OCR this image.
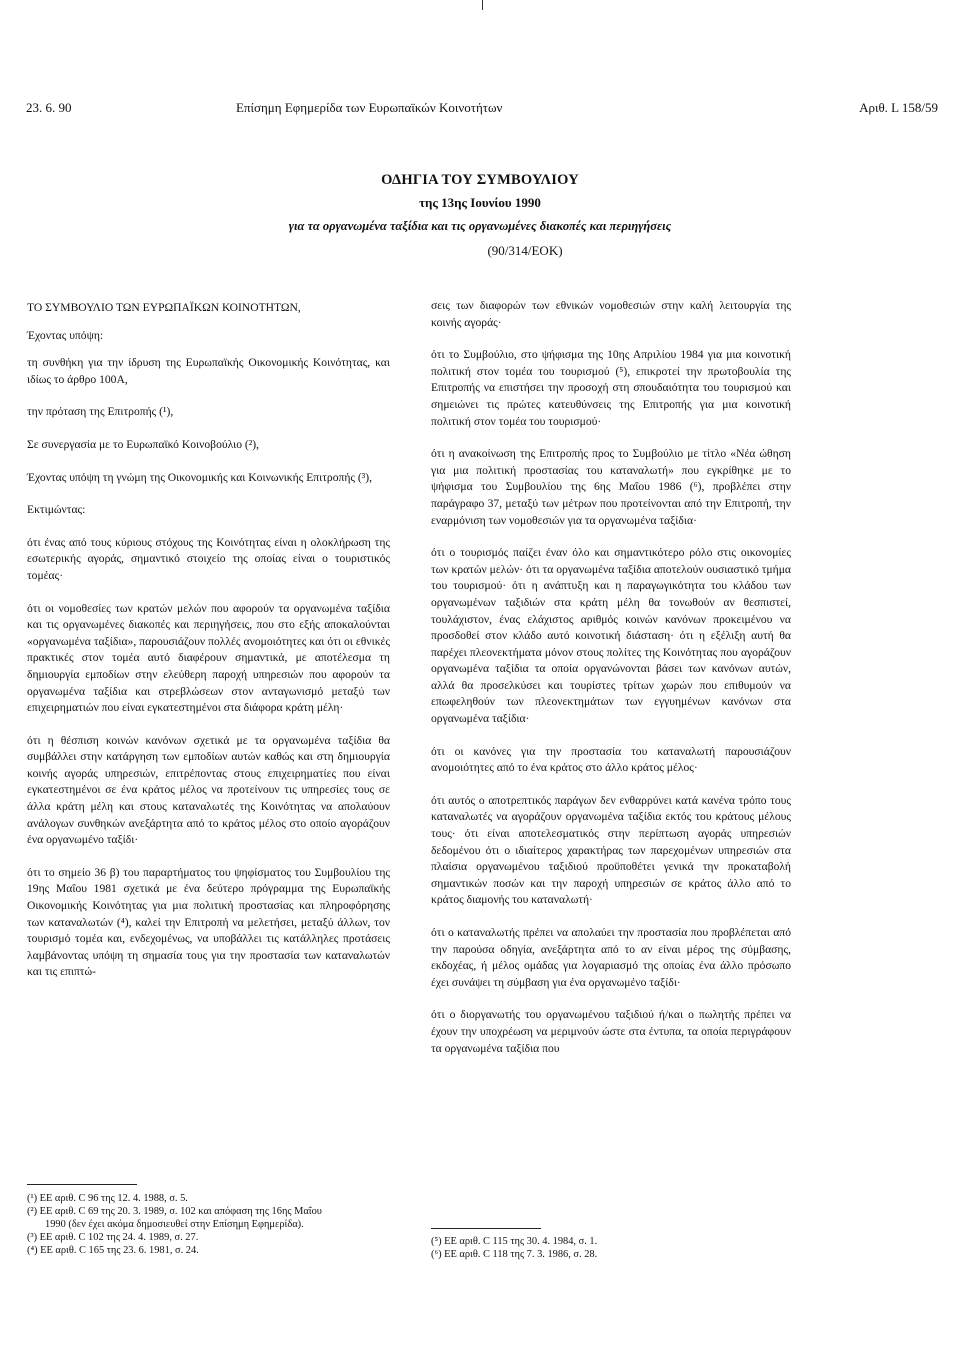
23. 6. 90	Επίσημη Εφημερίδα των Ευρωπαϊκών Κοινοτήτων	Αριθ. L 158/59
ΟΔΗΓΙΑ ΤΟΥ ΣΥΜΒΟΥΛΙΟΥ
της 13ης Ιουνίου 1990
για τα οργανωμένα ταξίδια και τις οργανωμένες διακοπές και περιηγήσεις
(90/314/ΕΟΚ)

ΤΟ ΣΥΜΒΟΥΛΙΟ ΤΩΝ ΕΥΡΩΠΑΪΚΩΝ ΚΟΙΝΟΤΗΤΩΝ,

Έχοντας υπόψη:

τη συνθήκη για την ίδρυση της Ευρωπαϊκής Οικονομικής Κοινότητας, και ιδίως το άρθρο 100Α,

την πρόταση της Επιτροπής (¹),

Σε συνεργασία με το Ευρωπαϊκό Κοινοβούλιο (²),

Έχοντας υπόψη τη γνώμη της Οικονομικής και Κοινωνικής Επιτροπής (³),

Εκτιμώντας:

ότι ένας από τους κύριους στόχους της Κοινότητας είναι η ολοκλήρωση της εσωτερικής αγοράς, σημαντικό στοιχείο της οποίας είναι ο τουριστικός τομέας·

ότι οι νομοθεσίες των κρατών μελών που αφορούν τα οργανωμένα ταξίδια και τις οργανωμένες διακοπές και περιηγήσεις, που στο εξής αποκαλούνται «οργανωμένα ταξίδια», παρουσιάζουν πολλές ανομοιότητες και ότι οι εθνικές πρακτικές στον τομέα αυτό διαφέρουν σημαντικά, με αποτέλεσμα τη δημιουργία εμποδίων στην ελεύθερη παροχή υπηρεσιών που αφορούν τα οργανωμένα ταξίδια και στρεβλώσεων στον ανταγωνισμό μεταξύ των επιχειρηματιών που είναι εγκατεστημένοι στα διάφορα κράτη μέλη·

ότι η θέσπιση κοινών κανόνων σχετικά με τα οργανωμένα ταξίδια θα συμβάλλει στην κατάργηση των εμποδίων αυτών καθώς και στη δημιουργία κοινής αγοράς υπηρεσιών, επιτρέποντας στους επιχειρηματίες που είναι εγκατεστημένοι σε ένα κράτος μέλος να προτείνουν τις υπηρεσίες τους σε άλλα κράτη μέλη και στους καταναλωτές της Κοινότητας να απολαύουν ανάλογων συνθηκών ανεξάρτητα από το κράτος μέλος στο οποίο αγοράζουν ένα οργανωμένο ταξίδι·

ότι το σημείο 36 β) του παραρτήματος του ψηφίσματος του Συμβουλίου της 19ης Μαΐου 1981 σχετικά με ένα δεύτερο πρόγραμμα της Ευρωπαϊκής Οικονομικής Κοινότητας για μια πολιτική προστασίας και πληροφόρησης των καταναλωτών (⁴), καλεί την Επιτροπή να μελετήσει, μεταξύ άλλων, τον τουρισμό τομέα και, ενδεχομένως, να υποβάλλει τις κατάλληλες προτάσεις λαμβάνοντας υπόψη τη σημασία τους για την προστασία των καταναλωτών και τις επιπτώ-

σεις των διαφορών των εθνικών νομοθεσιών στην καλή λειτουργία της κοινής αγοράς·

ότι το Συμβούλιο, στο ψήφισμα της 10ης Απριλίου 1984 για μια κοινοτική πολιτική στον τομέα του τουρισμού (⁵), επικροτεί την πρωτοβουλία της Επιτροπής να επιστήσει την προσοχή στη σπουδαιότητα του τουρισμού και σημειώνει τις πρώτες κατευθύνσεις της Επιτροπής για μια κοινοτική πολιτική στον τομέα του τουρισμού·

ότι η ανακοίνωση της Επιτροπής προς το Συμβούλιο με τίτλο «Νέα ώθηση για μια πολιτική προστασίας του καταναλωτή» που εγκρίθηκε με το ψήφισμα του Συμβουλίου της 6ης Μαΐου 1986 (⁶), προβλέπει στην παράγραφο 37, μεταξύ των μέτρων που προτείνονται από την Επιτροπή, την εναρμόνιση των νομοθεσιών για τα οργανωμένα ταξίδια·

ότι ο τουρισμός παίζει έναν όλο και σημαντικότερο ρόλο στις οικονομίες των κρατών μελών· ότι τα οργανωμένα ταξίδια αποτελούν ουσιαστικό τμήμα του τουρισμού· ότι η ανάπτυξη και η παραγωγικότητα του κλάδου των οργανωμένων ταξιδιών στα κράτη μέλη θα τονωθούν αν θεσπιστεί, τουλάχιστον, ένας ελάχιστος αριθμός κοινών κανόνων προκειμένου να προσδοθεί στον κλάδο αυτό κοινοτική διάσταση· ότι η εξέλιξη αυτή θα παρέχει πλεονεκτήματα μόνον στους πολίτες της Κοινότητας που αγοράζουν οργανωμένα ταξίδια τα οποία οργανώνονται βάσει των κανόνων αυτών, αλλά θα προσελκύσει και τουρίστες τρίτων χωρών που επιθυμούν να επωφεληθούν των πλεονεκτημάτων των εγγυημένων κανόνων στα οργανωμένα ταξίδια·

ότι οι κανόνες για την προστασία του καταναλωτή παρουσιάζουν ανομοιότητες από το ένα κράτος στο άλλο κράτος μέλος·

ότι αυτός ο αποτρεπτικός παράγων δεν ενθαρρύνει κατά κανένα τρόπο τους καταναλωτές να αγοράζουν οργανωμένα ταξίδια εκτός του κράτους μέλους τους· ότι είναι αποτελεσματικός στην περίπτωση αγοράς υπηρεσιών δεδομένου ότι ο ιδιαίτερος χαρακτήρας των παρεχομένων υπηρεσιών στα πλαίσια οργανωμένου ταξιδιού προϋποθέτει γενικά την προκαταβολή σημαντικών ποσών και την παροχή υπηρεσιών σε κράτος άλλο από το κράτος διαμονής του καταναλωτή·

ότι ο καταναλωτής πρέπει να απολαύει την προστασία που προβλέπεται από την παρούσα οδηγία, ανεξάρτητα από το αν είναι μέρος της σύμβασης, εκδοχέας, ή μέλος ομάδας για λογαριασμό της οποίας ένα άλλο πρόσωπο έχει συνάψει τη σύμβαση για ένα οργανωμένο ταξίδι·

ότι ο διοργανωτής του οργανωμένου ταξιδιού ή/και ο πωλητής πρέπει να έχουν την υποχρέωση να μεριμνούν ώστε στα έντυπα, τα οποία περιγράφουν τα οργανωμένα ταξίδια που

(¹) ΕΕ αριθ. C 96 της 12. 4. 1988, σ. 5.
(²) ΕΕ αριθ. C 69 της 20. 3. 1989, σ. 102 και απόφαση της 16ης Μαΐου
1990 (δεν έχει ακόμα δημοσιευθεί στην Επίσημη Εφημερίδα).
(³) ΕΕ αριθ. C 102 της 24. 4. 1989, σ. 27.
(⁴) ΕΕ αριθ. C 165 της 23. 6. 1981, σ. 24.
(⁵) ΕΕ αριθ. C 115 της 30. 4. 1984, σ. 1.
(⁶) ΕΕ αριθ. C 118 της 7. 3. 1986, σ. 28.
